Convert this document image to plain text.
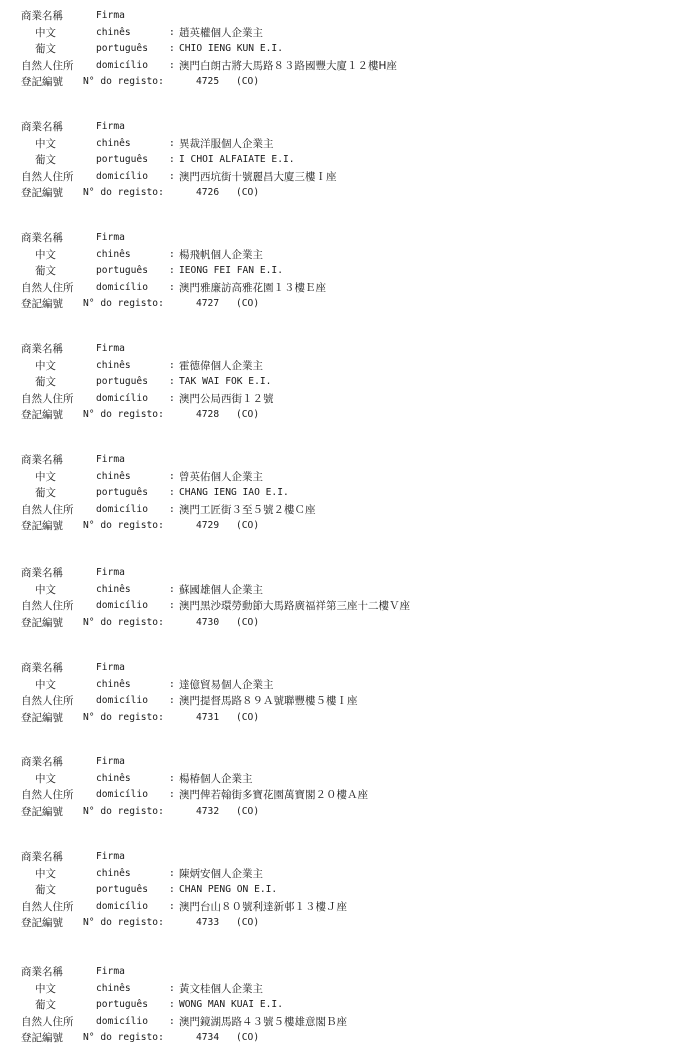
商業名稱	Firma
中文	chinês	: 趙英權個人企業主
葡文	português : CHIO IENG KUN E.I.
自然人住所 domicílio : 澳門白朗古將大馬路８３路國豐大廈１２樓H座
登記編號 N° do registo:	4725 (CO)
商業名稱	Firma
中文	chinês	: 異裁洋服個人企業主
葡文	português : I CHOI ALFAIATE E.I.
自然人住所 domicílio : 澳門西坑街十號麗昌大廈三樓Ｉ座
登記編號 N° do registo:	4726 (CO)
商業名稱	Firma
中文	chinês	: 楊飛帆個人企業主
葡文	português : IEONG FEI FAN E.I.
自然人住所 domicílio : 澳門雅廉訪高雅花園１３樓Ｅ座
登記編號 N° do registo:	4727 (CO)
商業名稱	Firma
中文	chinês	: 霍德偉個人企業主
葡文	português : TAK WAI FOK E.I.
自然人住所 domicílio : 澳門公局西街１２號
登記編號 N° do registo:	4728 (CO)
商業名稱	Firma
中文	chinês	: 曾英佑個人企業主
葡文	português : CHANG IENG IAO E.I.
自然人住所 domicílio : 澳門工匠街３至５號２樓Ｃ座
登記編號 N° do registo:	4729 (CO)
商業名稱	Firma
中文	chinês	: 蘇國雄個人企業主
自然人住所 domicílio : 澳門黑沙環勞動節大馬路廣福祥第三座十二樓Ｖ座
登記編號 N° do registo:	4730 (CO)
商業名稱	Firma
中文	chinês	: 達億貿易個人企業主
自然人住所 domicílio : 澳門提督馬路８９Ａ號聯豐樓５樓Ｉ座
登記編號 N° do registo:	4731 (CO)
商業名稱	Firma
中文	chinês	: 楊椿個人企業主
自然人住所 domicílio : 澳門俾若翰街多寶花園萬寶閣２０樓Ａ座
登記編號 N° do registo:	4732 (CO)
商業名稱	Firma
中文	chinês	: 陳炳安個人企業主
葡文	português : CHAN PENG ON E.I.
自然人住所 domicílio : 澳門台山８０號利達新邨１３樓Ｊ座
登記編號 N° do registo:	4733 (CO)
商業名稱	Firma
中文	chinês	: 黃文桂個人企業主
葡文	português : WONG MAN KUAI E.I.
自然人住所 domicílio : 澳門鏡湖馬路４３號５樓雄意閣Ｂ座
登記編號 N° do registo:	4734 (CO)
